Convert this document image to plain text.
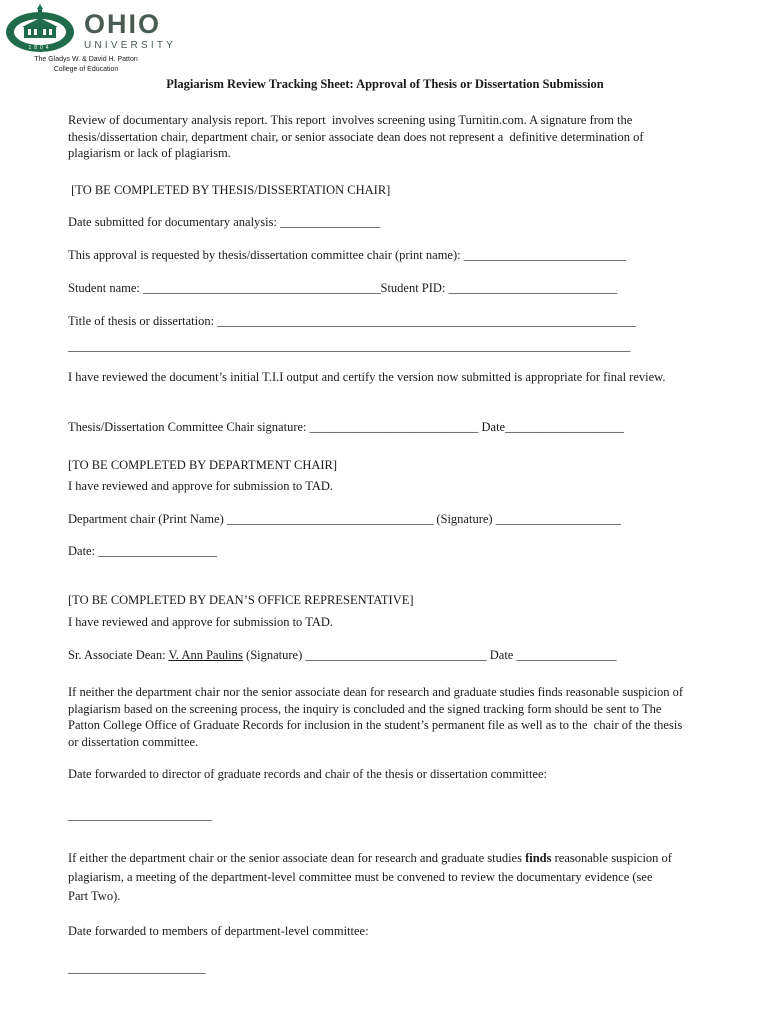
1804
OHIO
UNIVERSITY
The Gladys W. & David H. Patton
College of Education
Plagiarism Review Tracking Sheet: Approval of Thesis or Dissertation Submission
Review of documentary analysis report. This report  involves screening using Turnitin.com. A signature from the thesis/dissertation chair, department chair, or senior associate dean does not represent a  definitive determination of plagiarism or lack of plagiarism.
[TO BE COMPLETED BY THESIS/DISSERTATION CHAIR]
Date submitted for documentary analysis: ________________
This approval is requested by thesis/dissertation committee chair (print name): __________________________
Student name: ______________________________________Student PID: ___________________________
Title of thesis or dissertation: ___________________________________________________________________
__________________________________________________________________________________________
I have reviewed the document’s initial T.I.I output and certify the version now submitted is appropriate for final review.
Thesis/Dissertation Committee Chair signature: ___________________________ Date___________________
[TO BE COMPLETED BY DEPARTMENT CHAIR]
I have reviewed and approve for submission to TAD.
Department chair (Print Name) _________________________________ (Signature) ____________________
Date: ___________________
[TO BE COMPLETED BY DEAN’S OFFICE REPRESENTATIVE]
I have reviewed and approve for submission to TAD.
Sr. Associate Dean: V. Ann Paulins (Signature) _____________________________ Date ________________
If neither the department chair nor the senior associate dean for research and graduate studies finds reasonable suspicion of plagiarism based on the screening process, the inquiry is concluded and the signed tracking form should be sent to The Patton College Office of Graduate Records for inclusion in the student’s permanent file as well as to the  chair of the thesis or dissertation committee.
Date forwarded to director of graduate records and chair of the thesis or dissertation committee:
_______________________
If either the department chair or the senior associate dean for research and graduate studies finds reasonable suspicion of plagiarism, a meeting of the department-level committee must be convened to review the documentary evidence (see Part Two).
Date forwarded to members of department-level committee:
______________________
